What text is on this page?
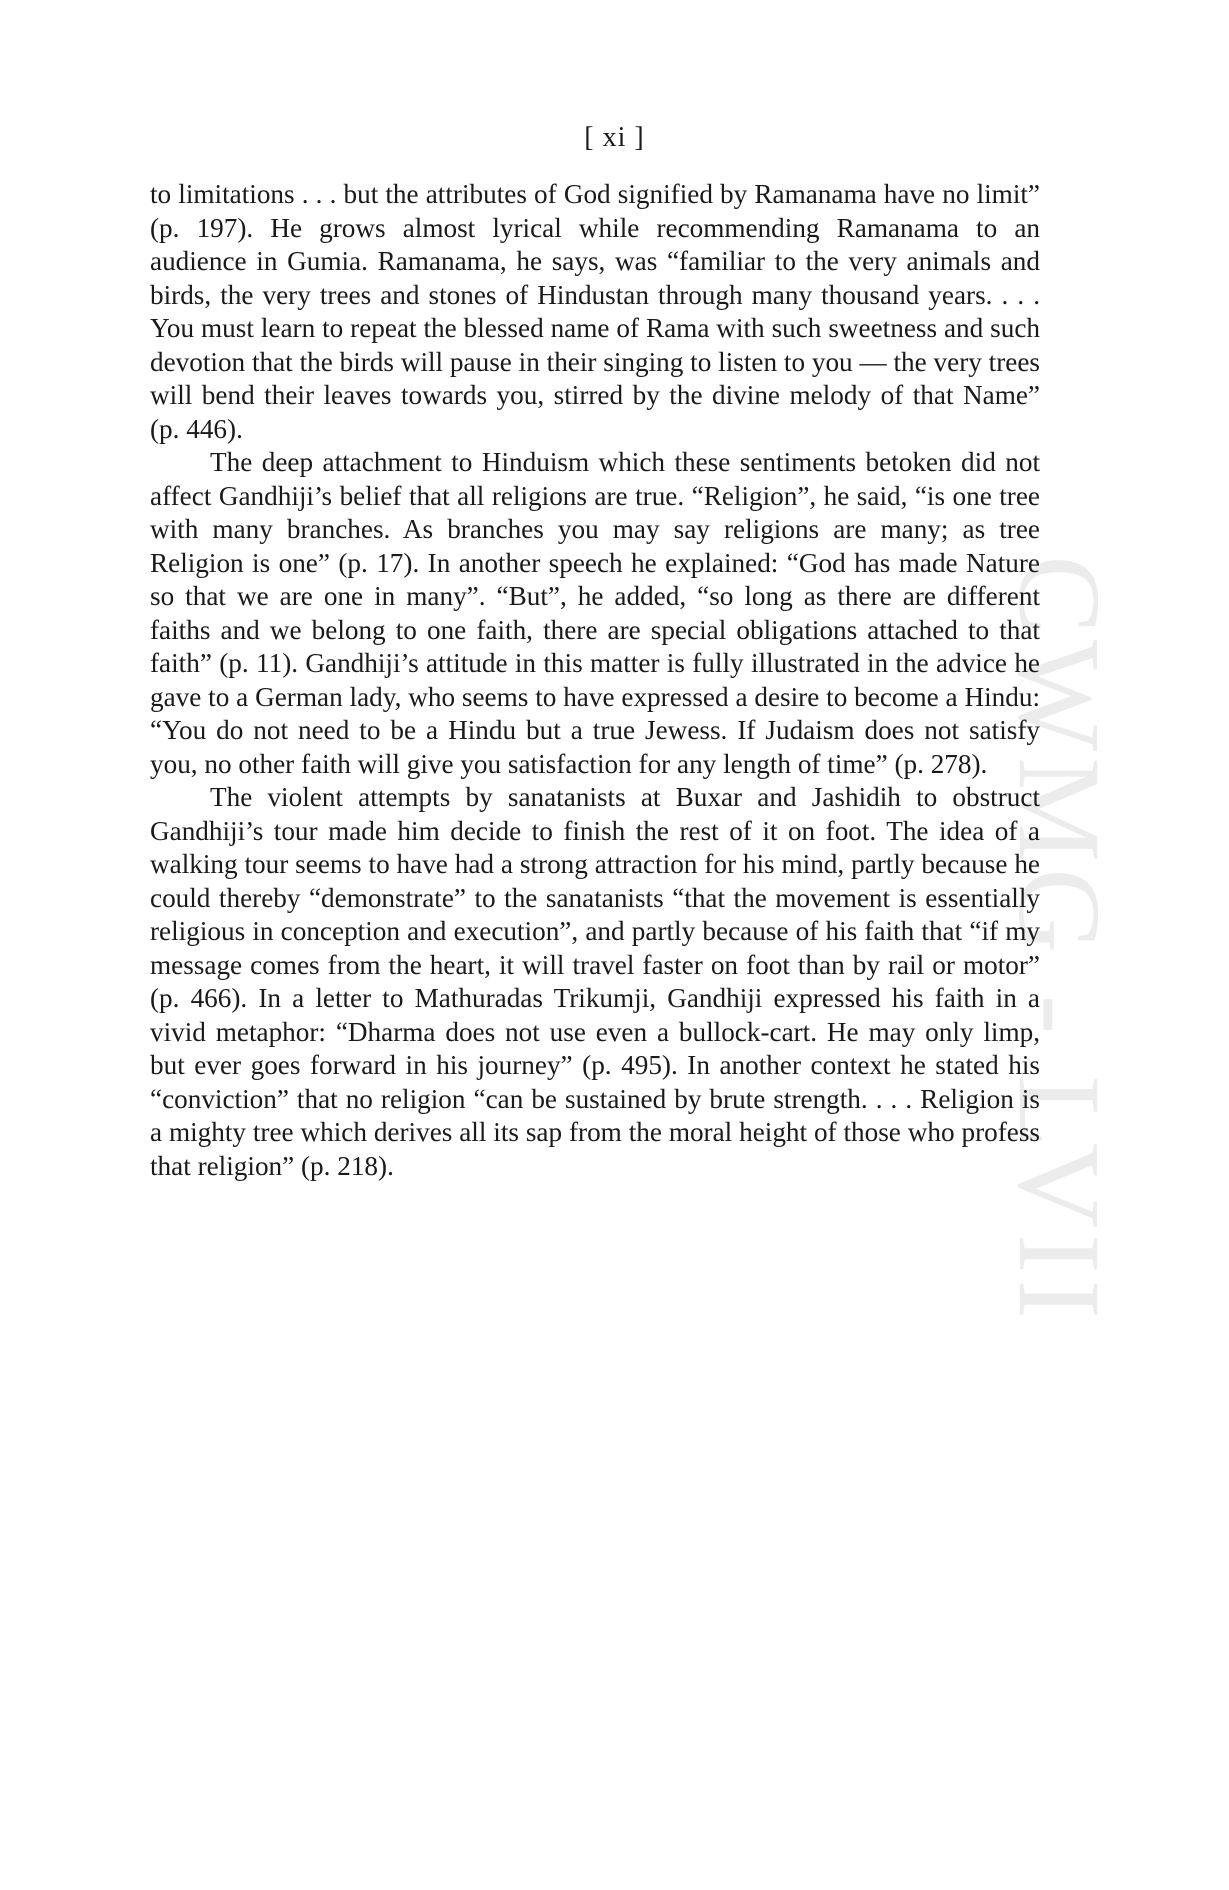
CWMG - LVII
[ xi ]

to limitations . . . but the attributes of God signified by Ramanama have no limit” (p. 197). He grows almost lyrical while recommending Ramanama to an audience in Gumia. Ramanama, he says, was “familiar to the very animals and birds, the very trees and stones of Hindustan through many thousand years. . . . You must learn to repeat the blessed name of Rama with such sweetness and such devotion that the birds will pause in their singing to listen to you — the very trees will bend their leaves towards you, stirred by the divine melody of that Name” (p. 446).

The deep attachment to Hinduism which these sentiments betoken did not affect Gandhiji’s belief that all religions are true. “Religion”, he said, “is one tree with many branches. As branches you may say religions are many; as tree Religion is one” (p. 17). In another speech he explained: “God has made Nature so that we are one in many”. “But”, he added, “so long as there are different faiths and we belong to one faith, there are special obligations attached to that faith” (p. 11). Gandhiji’s attitude in this matter is fully illustrated in the advice he gave to a German lady, who seems to have expressed a desire to become a Hindu: “You do not need to be a Hindu but a true Jewess. If Judaism does not satisfy you, no other faith will give you satisfaction for any length of time” (p. 278).

The violent attempts by sanatanists at Buxar and Jashidih to obstruct Gandhiji’s tour made him decide to finish the rest of it on foot. The idea of a walking tour seems to have had a strong attraction for his mind, partly because he could thereby “demonstrate” to the sanatanists “that the movement is essentially religious in conception and execution”, and partly because of his faith that “if my message comes from the heart, it will travel faster on foot than by rail or motor” (p. 466). In a letter to Mathuradas Trikumji, Gandhiji expressed his faith in a vivid metaphor: “Dharma does not use even a bullock-cart. He may only limp, but ever goes forward in his journey” (p. 495). In another context he stated his “conviction” that no religion “can be sustained by brute strength. . . . Religion is a mighty tree which derives all its sap from the moral height of those who profess that religion” (p. 218).
